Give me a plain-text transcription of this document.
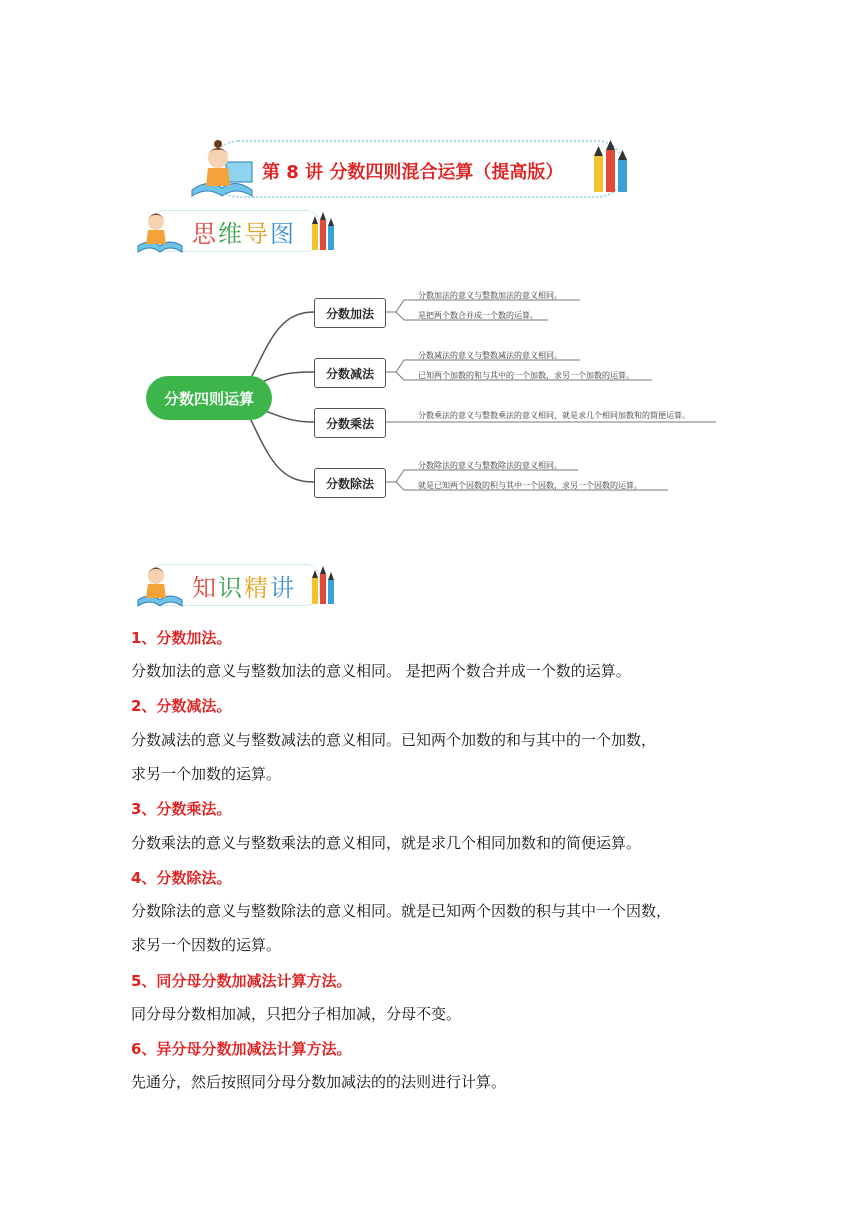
第 8 讲 分数四则混合运算（提高版）
思维导图
分数四则运算
分数加法
分数加法的意义与整数加法的意义相同。
是把两个数合并成一个数的运算。
分数减法
分数减法的意义与整数减法的意义相同。
已知两个加数的和与其中的一个加数，求另一个加数的运算。
分数乘法
分数乘法的意义与整数乘法的意义相同，就是求几个相同加数和的简便运算。
分数除法
分数除法的意义与整数除法的意义相同。
就是已知两个因数的积与其中一个因数，求另一个因数的运算。
知识精讲
1、分数加法。
分数加法的意义与整数加法的意义相同。 是把两个数合并成一个数的运算。
2、分数减法。
分数减法的意义与整数减法的意义相同。已知两个加数的和与其中的一个加数，
求另一个加数的运算。
3、分数乘法。
分数乘法的意义与整数乘法的意义相同，就是求几个相同加数和的简便运算。
4、分数除法。
分数除法的意义与整数除法的意义相同。就是已知两个因数的积与其中一个因数，
求另一个因数的运算。
5、同分母分数加减法计算方法。
同分母分数相加减，只把分子相加减，分母不变。
6、异分母分数加减法计算方法。
先通分，然后按照同分母分数加减法的的法则进行计算。
